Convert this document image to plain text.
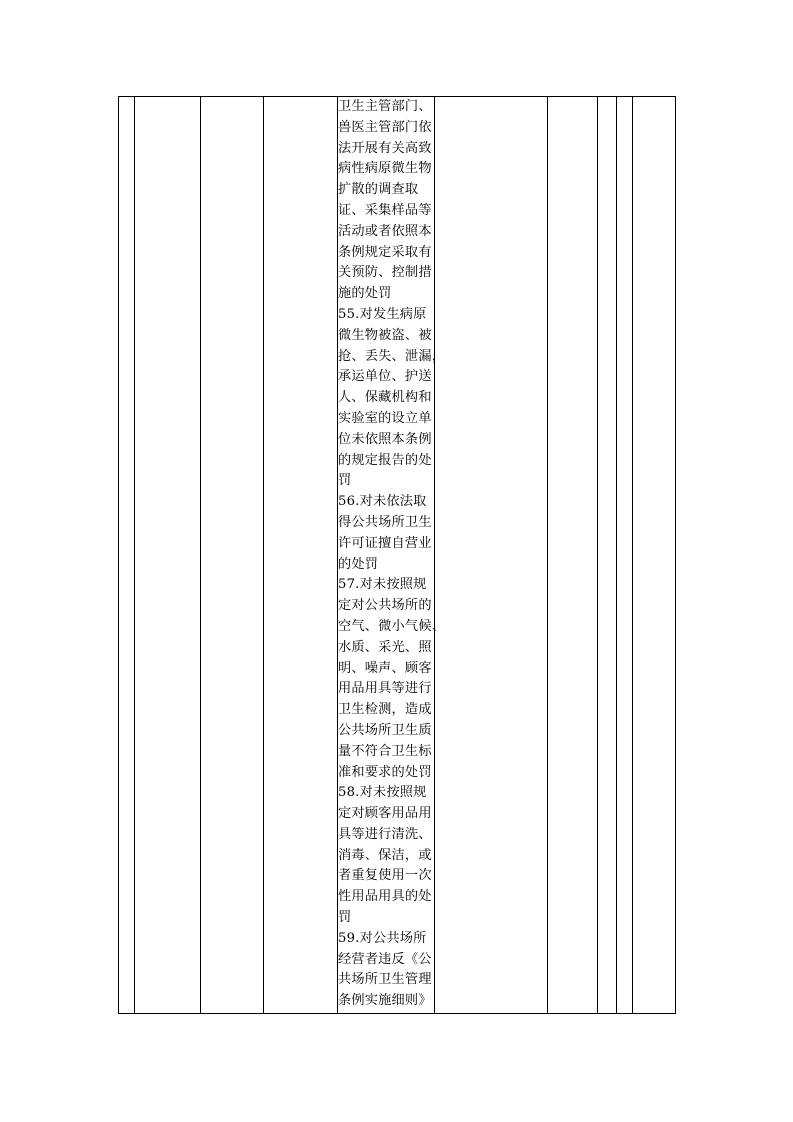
卫生主管部门、
兽医主管部门依
法开展有关高致
病性病原微生物
扩散的调查取
证、采集样品等
活动或者依照本
条例规定采取有
关预防、控制措
施的处罚
55.对发生病原
微生物被盗、被
抢、丢失、泄漏，
承运单位、护送
人、保藏机构和
实验室的设立单
位未依照本条例
的规定报告的处
罚
56.对未依法取
得公共场所卫生
许可证擅自营业
的处罚
57.对未按照规
定对公共场所的
空气、微小气候、
水质、采光、照
明、噪声、顾客
用品用具等进行
卫生检测，造成
公共场所卫生质
量不符合卫生标
准和要求的处罚
58.对未按照规
定对顾客用品用
具等进行清洗、
消毒、保洁，或
者重复使用一次
性用品用具的处
罚
59.对公共场所
经营者违反《公
共场所卫生管理
条例实施细则》
